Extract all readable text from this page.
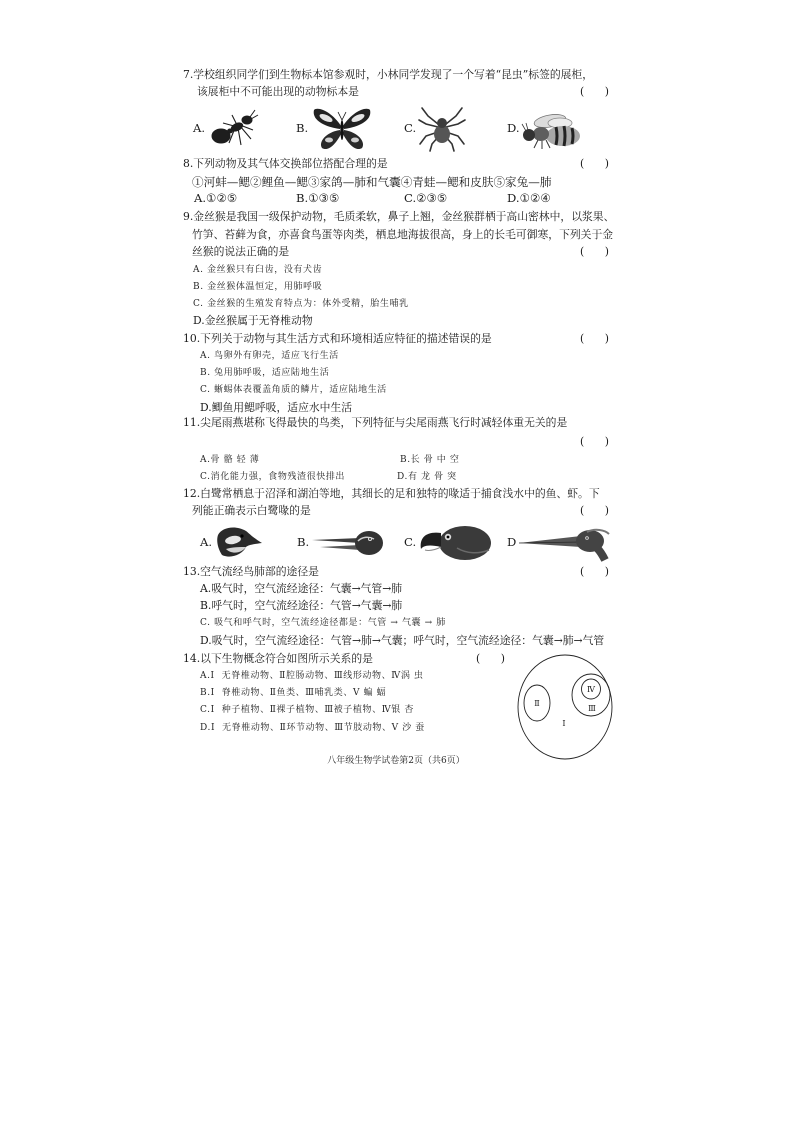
7.学校组织同学们到生物标本馆参观时，小林同学发现了一个写着“昆虫”标签的展柜，
该展柜中不可能出现的动物标本是	(      )
A.	B.	C.	D.
8.下列动物及其气体交换部位搭配合理的是	(      )
①河蚌—鳃②鲤鱼—鳃③家鸽—肺和气囊④青蛙—鳃和皮肤⑤家兔—肺
A.①②⑤	B.①③⑤	C.②③⑤	D.①②④
9.金丝猴是我国一级保护动物，毛质柔软，鼻子上翘，金丝猴群栖于高山密林中，以浆果、
竹笋、苔藓为食，亦喜食鸟蛋等肉类，栖息地海拔很高，身上的长毛可御寒，下列关于金
丝猴的说法正确的是	(      )
A. 金丝猴只有臼齿，没有犬齿
B. 金丝猴体温恒定，用肺呼吸
C. 金丝猴的生殖发育特点为：体外受精，胎生哺乳
D.金丝猴属于无脊椎动物
10.下列关于动物与其生活方式和环境相适应特征的描述错误的是	(      )
A. 鸟卵外有卵壳，适应飞行生活
B. 兔用肺呼吸，适应陆地生活
C. 蜥蜴体表覆盖角质的鳞片，适应陆地生活
D.鲫鱼用鳃呼吸，适应水中生活
11.尖尾雨燕堪称飞得最快的鸟类，下列特征与尖尾雨燕飞行时减轻体重无关的是
(      )
A.骨 骼 轻 薄	B.长 骨 中 空
C.消化能力强，食物残渣很快排出	D.有 龙 骨 突
12.白鹭常栖息于沼泽和湖泊等地，其细长的足和独特的喙适于捕食浅水中的鱼、虾。下
列能正确表示白鹭喙的是	(      )
A.	B.	C.	D
13.空气流经鸟肺部的途径是	(      )
A.吸气时，空气流经途径：气囊→气管→肺
B.呼气时，空气流经途径：气管→气囊→肺
C. 吸气和呼气时，空气流经途径都是：气管 → 气囊 → 肺
D.吸气时，空气流经途径：气管→肺→气囊；呼气时，空气流经途径：气囊→肺→气管
14.以下生物概念符合如图所示关系的是	(      )
A.Ⅰ  无脊椎动物、Ⅱ腔肠动物、Ⅲ线形动物、Ⅳ涡 虫
B.Ⅰ  脊椎动物、Ⅱ鱼类、Ⅲ哺乳类、Ⅴ 蝙 蝠
C.Ⅰ  种子植物、Ⅱ裸子植物、Ⅲ被子植物、Ⅳ银 杏
D.Ⅰ  无脊椎动物、Ⅱ环节动物、Ⅲ节肢动物、Ⅴ 沙 蚕	Ⅰ
Ⅱ
Ⅲ
Ⅳ
八年级生物学试卷第2页（共6页）
